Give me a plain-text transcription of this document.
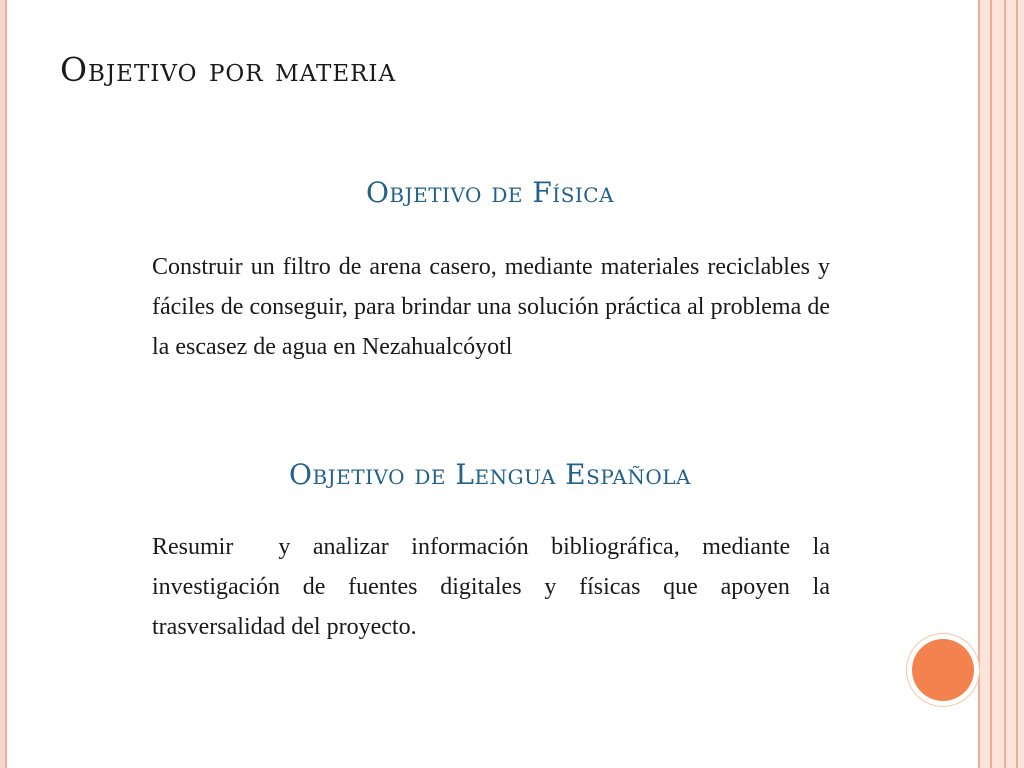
Objetivo por materia
Objetivo de Física

Construir un filtro de arena casero, mediante materiales reciclables y fáciles de conseguir, para brindar una solución práctica al problema de la escasez de agua en Nezahualcóyotl

Objetivo de Lengua Española

Resumir  y analizar información bibliográfica, mediante la investigación de fuentes digitales y físicas que apoyen la trasversalidad del proyecto.
